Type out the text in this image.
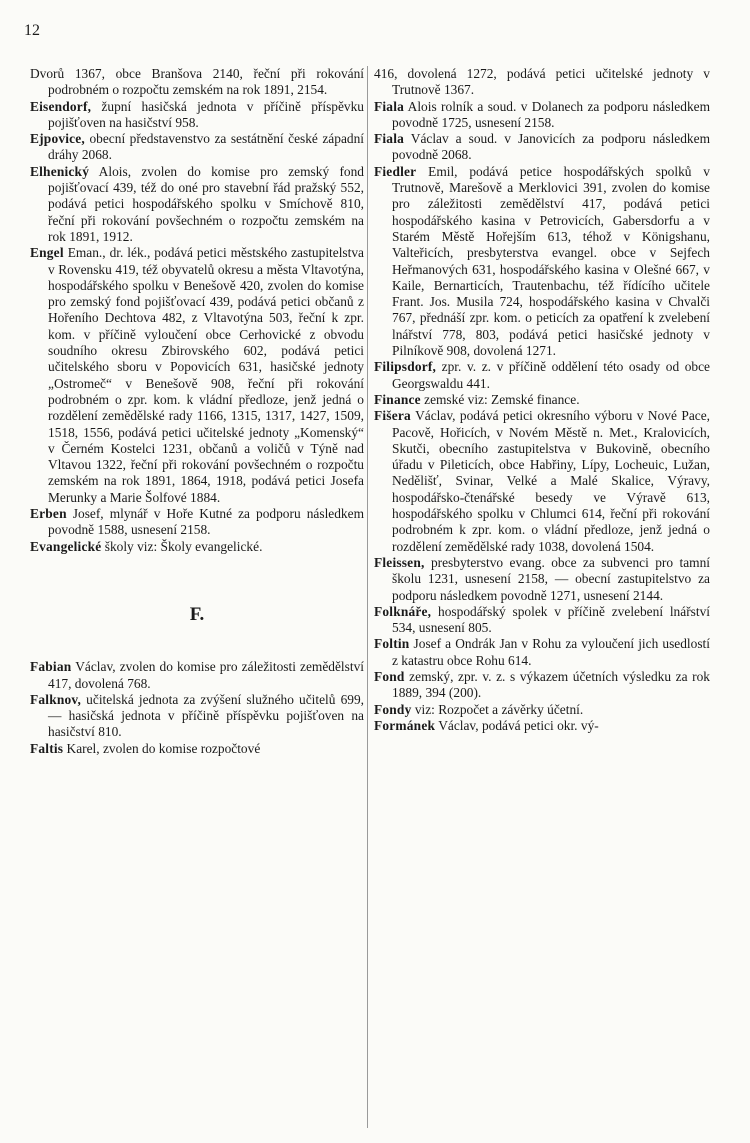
12

Dvorů 1367, obce Branšova 2140, řeční při rokování podrobném o rozpočtu zemském na rok 1891, 2154.

Eisendorf, župní hasičská jednota v příčině příspěvku pojišťoven na hasičství 958.

Ejpovice, obecní představenstvo za sestátnění české západní dráhy 2068.

Elhenický Alois, zvolen do komise pro zemský fond pojišťovací 439, též do oné pro stavební řád pražský 552, podává petici hospodářského spolku v Smíchově 810, řeční při rokování povšechném o rozpočtu zemském na rok 1891, 1912.

Engel Eman., dr. lék., podává petici městského zastupitelstva v Rovensku 419, též obyvatelů okresu a města Vltavotýna, hospodářského spolku v Benešově 420, zvolen do komise pro zemský fond pojišťovací 439, podává petici občanů z Hořeního Dechtova 482, z Vltavotýna 503, řeční k zpr. kom. v příčině vyloučení obce Cerhovické z obvodu soudního okresu Zbirovského 602, podává petici učitelského sboru v Popovicích 631, hasičské jednoty „Ostromeč“ v Benešově 908, řeční při rokování podrobném o zpr. kom. k vládní předloze, jenž jedná o rozdělení zemědělské rady 1166, 1315, 1317, 1427, 1509, 1518, 1556, podává petici učitelské jednoty „Komenský“ v Černém Kostelci 1231, občanů a voličů v Týně nad Vltavou 1322, řeční při rokování povšechném o rozpočtu zemském na rok 1891, 1864, 1918, podává petici Josefa Merunky a Marie Šolfové 1884.

Erben Josef, mlynář v Hoře Kutné za podporu následkem povodně 1588, usnesení 2158.

Evangelické školy viz: Školy evangelické.

F.

Fabian Václav, zvolen do komise pro záležitosti zemědělství 417, dovolená 768.

Falknov, učitelská jednota za zvýšení služného učitelů 699, — hasičská jednota v příčině příspěvku pojišťoven na hasičství 810.

Faltis Karel, zvolen do komise rozpočtové

416, dovolená 1272, podává petici učitelské jednoty v Trutnově 1367.

Fiala Alois rolník a soud. v Dolanech za podporu následkem povodně 1725, usnesení 2158.

Fiala Václav a soud. v Janovicích za podporu následkem povodně 2068.

Fiedler Emil, podává petice hospodářských spolků v Trutnově, Marešově a Merklovici 391, zvolen do komise pro záležitosti zemědělství 417, podává petici hospodářského kasina v Petrovicích, Gabersdorfu a v Starém Městě Hořejším 613, téhož v Königshanu, Valteřicích, presbyterstva evangel. obce v Sejfech Heřmanových 631, hospodářského kasina v Olešné 667, v Kaile, Bernarticích, Trautenbachu, též řídícího učitele Frant. Jos. Musila 724, hospodářského kasina v Chvalči 767, přednáší zpr. kom. o peticích za opatření k zvelebení lnářství 778, 803, podává petici hasičské jednoty v Pilníkově 908, dovolená 1271.

Filipsdorf, zpr. v. z. v příčině oddělení této osady od obce Georgswaldu 441.

Finance zemské viz: Zemské finance.

Fišera Václav, podává petici okresního výboru v Nové Pace, Pacově, Hořicích, v Novém Městě n. Met., Kralovicích, Skutči, obecního zastupitelstva v Bukovině, obecního úřadu v Pileticích, obce Habřiny, Lípy, Locheuic, Lužan, Nedělišť, Svinar, Velké a Malé Skalice, Výravy, hospodářsko-čtenářské besedy ve Výravě 613, hospodářského spolku v Chlumci 614, řeční při rokování podrobném k zpr. kom. o vládní předloze, jenž jedná o rozdělení zemědělské rady 1038, dovolená 1504.

Fleissen, presbyterstvo evang. obce za subvenci pro tamní školu 1231, usnesení 2158, — obecní zastupitelstvo za podporu následkem povodně 1271, usnesení 2144.

Folknáře, hospodářský spolek v příčině zvelebení lnářství 534, usnesení 805.

Foltin Josef a Ondrák Jan v Rohu za vyloučení jich usedlostí z katastru obce Rohu 614.

Fond zemský, zpr. v. z. s výkazem účetních výsledku za rok 1889, 394 (200).

Fondy viz: Rozpočet a závěrky účetní.

Formánek Václav, podává petici okr. vý-
